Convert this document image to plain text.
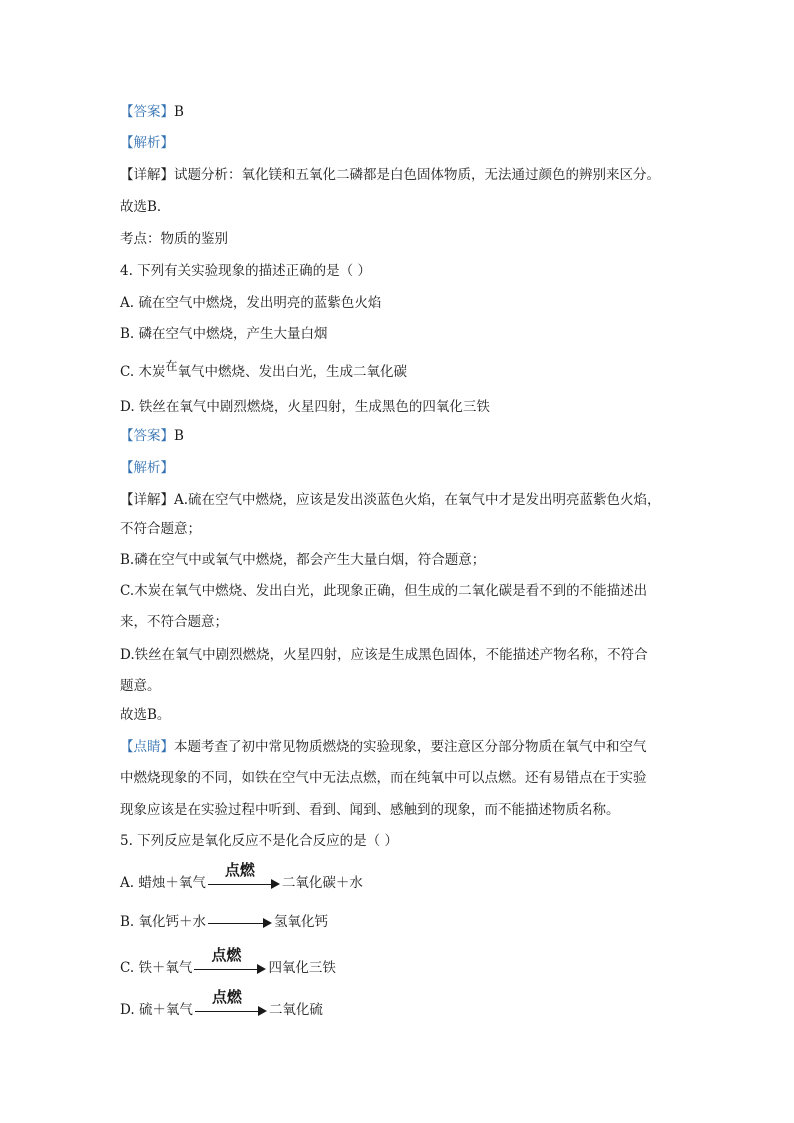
【答案】B
【解析】
【详解】试题分析：氧化镁和五氧化二磷都是白色固体物质，无法通过颜色的辨别来区分。
故选B．
考点：物质的鉴别
4. 下列有关实验现象的描述正确的是（ ）
A. 硫在空气中燃烧，发出明亮的蓝紫色火焰
B. 磷在空气中燃烧，产生大量白烟
C. 木炭在氧气中燃烧、发出白光，生成二氧化碳
D. 铁丝在氧气中剧烈燃烧，火星四射，生成黑色的四氧化三铁
【答案】B
【解析】
【详解】A.硫在空气中燃烧，应该是发出淡蓝色火焰，在氧气中才是发出明亮蓝紫色火焰，
不符合题意；
B.磷在空气中或氧气中燃烧，都会产生大量白烟，符合题意；
C.木炭在氧气中燃烧、发出白光，此现象正确，但生成的二氧化碳是看不到的不能描述出
来，不符合题意；
D.铁丝在氧气中剧烈燃烧，火星四射，应该是生成黑色固体，不能描述产物名称，不符合
题意。
故选B。
【点睛】本题考查了初中常见物质燃烧的实验现象，要注意区分部分物质在氧气中和空气
中燃烧现象的不同，如铁在空气中无法点燃，而在纯氧中可以点燃。还有易错点在于实验
现象应该是在实验过程中听到、看到、闻到、感触到的现象，而不能描述物质名称。
5. 下列反应是氧化反应不是化合反应的是（ ）
A. 蜡烛＋氧气
点燃
二氧化碳＋水
B. 氧化钙＋水	氢氧化钙
C. 铁＋氧气
点燃
四氧化三铁
D. 硫＋氧气
点燃
二氧化硫
